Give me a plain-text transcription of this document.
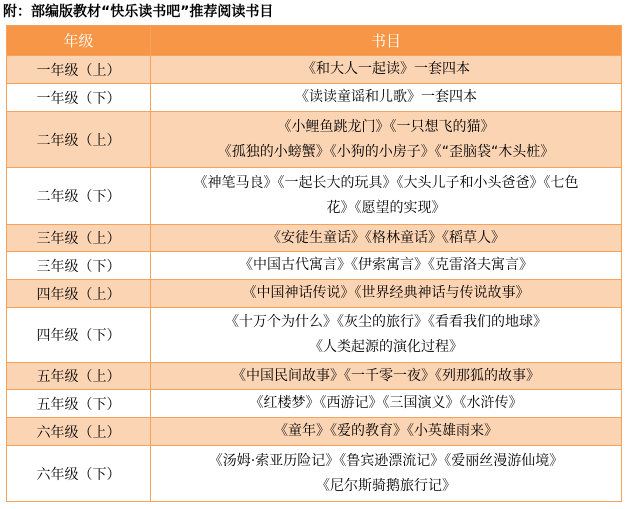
附：部编版教材“快乐读书吧”推荐阅读书目
年级	书目
一年级（上）	《和大人一起读》一套四本

一年级（下）	《读读童谣和儿歌》一套四本

二年级（上）	《小鲤鱼跳龙门》《一只想飞的猫》
《孤独的小螃蟹》《小狗的小房子》《“歪脑袋“木头桩》

二年级（下）	《神笔马良》《一起长大的玩具》《大头儿子和小头爸爸》《七色
花》《愿望的实现》

三年级（上）	《安徒生童话》《格林童话》《稻草人》

三年级（下）	《中国古代寓言》《伊索寓言》《克雷洛夫寓言》

四年级（上）	《中国神话传说》《世界经典神话与传说故事》

四年级（下）	《十万个为什么》《灰尘的旅行》《看看我们的地球》
《人类起源的演化过程》

五年级（上）	《中国民间故事》《一千零一夜》《列那狐的故事》

五年级（下）	《红楼梦》《西游记》《三国演义》《水浒传》

六年级（上）	《童年》《爱的教育》《小英雄雨来》

六年级（下）	《汤姆·索亚历险记》《鲁宾逊漂流记》《爱丽丝漫游仙境》
《尼尔斯骑鹅旅行记》
